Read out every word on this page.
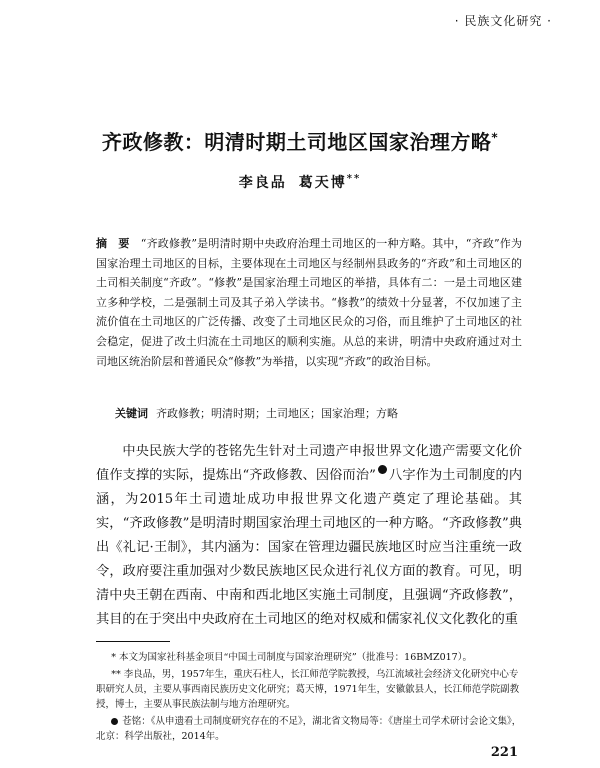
· 民族文化研究 ·
齐政修教：明清时期土司地区国家治理方略*
李良品 葛天博**
摘　要　 “齐政修教”是明清时期中央政府治理土司地区的一种方略。其中，“齐政”作为国家治理土司地区的目标，主要体现在土司地区与经制州县政务的“齐政”和土司地区的土司相关制度“齐政”。“修教”是国家治理土司地区的举措，具体有二：一是土司地区建立多种学校，二是强制土司及其子弟入学读书。“修教”的绩效十分显著，不仅加速了主流价值在土司地区的广泛传播、改变了土司地区民众的习俗，而且维护了土司地区的社会稳定，促进了改土归流在土司地区的顺利实施。从总的来讲，明清中央政府通过对土司地区统治阶层和普通民众“修教”为举措，以实现“齐政”的政治目标。
关键词 齐政修教；明清时期；土司地区；国家治理；方略

中央民族大学的苍铭先生针对土司遗产申报世界文化遗产需要文化价值作支撑的实际，提炼出“齐政修教、因俗而治” 八字作为土司制度的内涵，为2015年土司遗址成功申报世界文化遗产奠定了理论基础。其实，“齐政修教”是明清时期国家治理土司地区的一种方略。“齐政修教”典出《礼记·王制》，其内涵为：国家在管理边疆民族地区时应当注重统一政令，政府要注重加强对少数民族地区民众进行礼仪方面的教育。可见，明清中央王朝在西南、中南和西北地区实施土司制度，且强调“齐政修教”，其目的在于突出中央政府在土司地区的绝对权威和儒家礼仪文化教化的重

* 本文为国家社科基金项目“中国土司制度与国家治理研究”（批准号：16BMZ017）。

** 李良品，男，1957年生，重庆石柱人，长江师范学院教授，乌江流域社会经济文化研究中心专职研究人员，主要从事西南民族历史文化研究；葛天博，1971年生，安徽歙县人，长江师范学院副教授，博士，主要从事民族法制与地方治理研究。

苍铭：《从申遗看土司制度研究存在的不足》，湖北省文物局等：《唐崖土司学术研讨会论文集》，北京：科学出版社，2014年。

221
